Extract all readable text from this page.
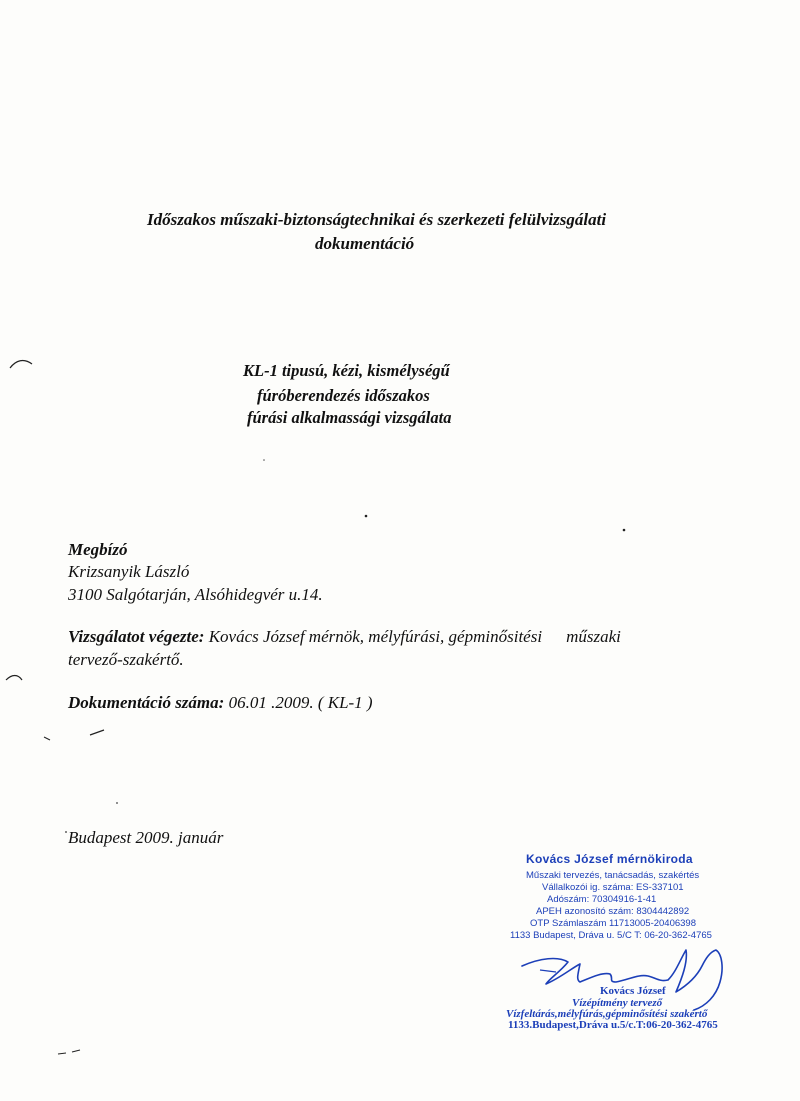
Időszakos műszaki-biztonságtechnikai és szerkezeti felülvizsgálati
dokumentáció
KL-1 tipusú, kézi, kismélységű
fúróberendezés időszakos
fúrási alkalmassági vizsgálata
Megbízó
Krizsanyik László
3100 Salgótarján, Alsóhidegvér u.14.
Vizsgálatot végezte: Kovács József mérnök, mélyfúrási, gépminősitési műszaki
tervező-szakértő.
Dokumentáció száma: 06.01 .2009. ( KL-1 )
Budapest 2009. január
Kovács József mérnökiroda
Műszaki tervezés, tanácsadás, szakértés
Vállalkozói ig. száma: ES-337101
Adószám: 70304916-1-41
APEH azonosító szám: 8304442892
OTP Számlaszám 11713005-20406398
1133 Budapest, Dráva u. 5/C T: 06-20-362-4765
Kovács József
Vízépítmény tervező
Vízfeltárás,mélyfúrás,gépminősítési szakértő
1133.Budapest,Dráva u.5/c.T:06-20-362-4765
